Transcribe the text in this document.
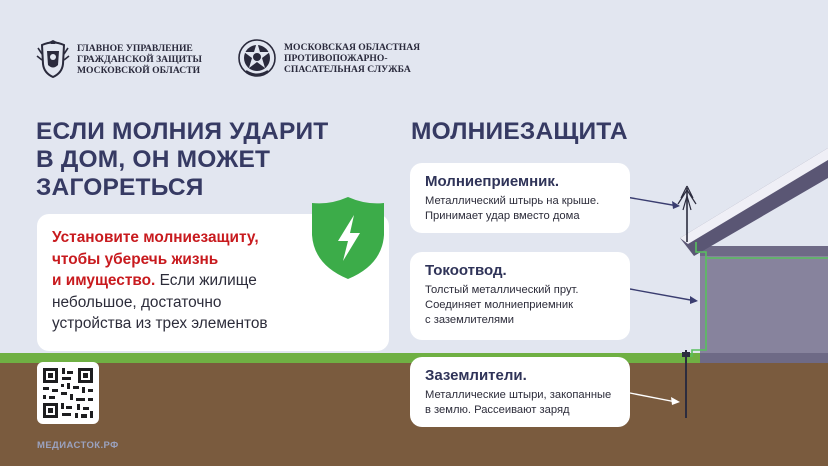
ГЛАВНОЕ УПРАВЛЕНИЕ
ГРАЖДАНСКОЙ ЗАЩИТЫ
МОСКОВСКОЙ ОБЛАСТИ
МОСКОВСКАЯ ОБЛАСТНАЯ
ПРОТИВОПОЖАРНО-
СПАСАТЕЛЬНАЯ СЛУЖБА
ЕСЛИ МОЛНИЯ УДАРИТ
В ДОМ, ОН МОЖЕТ
ЗАГОРЕТЬСЯ
МОЛНИЕЗАЩИТА
Установите молниезащиту,
чтобы уберечь жизнь
и имущество. Если жилище
небольшое, достаточно
устройства из трех элементов
МЕДИАСТОК.РФ
Молниеприемник.
Металлический штырь на крыше.
Принимает удар вместо дома
Токоотвод.
Толстый металлический прут.
Соединяет молниеприемник
с заземлителями
Заземлители.
Металлические штыри, закопанные
в землю. Рассеивают заряд
